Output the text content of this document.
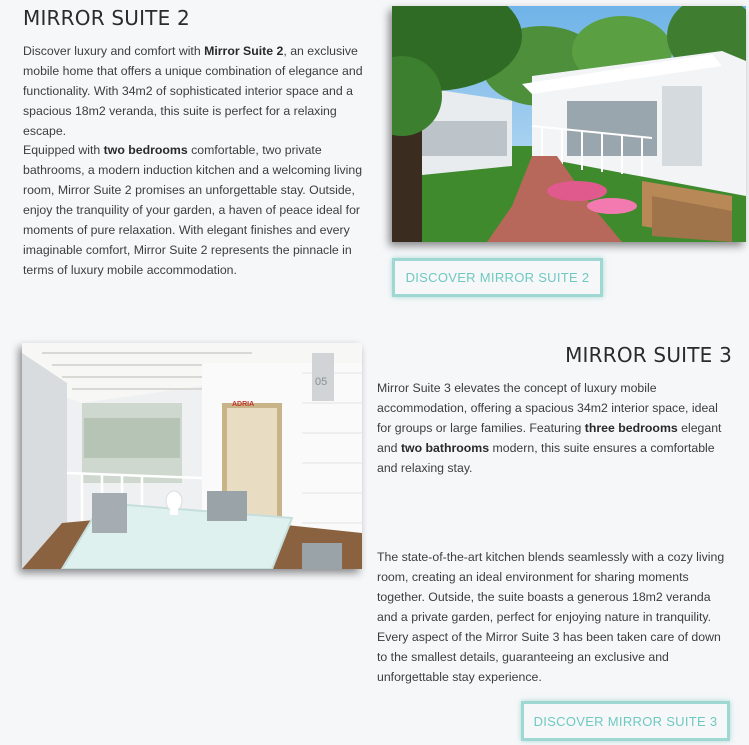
MIRROR SUITE 2

Discover luxury and comfort with Mirror Suite 2, an exclusive mobile home that offers a unique combination of elegance and functionality. With 34m2 of sophisticated interior space and a spacious 18m2 veranda, this suite is perfect for a relaxing escape.

Equipped with two bedrooms comfortable, two private bathrooms, a modern induction kitchen and a welcoming living room, Mirror Suite 2 promises an unforgettable stay. Outside, enjoy the tranquility of your garden, a haven of peace ideal for moments of pure relaxation. With elegant finishes and every imaginable comfort, Mirror Suite 2 represents the pinnacle in terms of luxury mobile accommodation.	DISCOVER MIRROR SUITE 2
MIRROR SUITE 3

Mirror Suite 3 elevates the concept of luxury mobile accommodation, offering a spacious 34m2 interior space, ideal for groups or large families. Featuring three bedrooms elegant and two bathrooms modern, this suite ensures a comfortable and relaxing stay.

The state-of-the-art kitchen blends seamlessly with a cozy living room, creating an ideal environment for sharing moments together. Outside, the suite boasts a generous 18m2 veranda and a private garden, perfect for enjoying nature in tranquility. Every aspect of the Mirror Suite 3 has been taken care of down to the smallest details, guaranteeing an exclusive and unforgettable stay experience.

ADRIA
05
DISCOVER MIRROR SUITE 3
